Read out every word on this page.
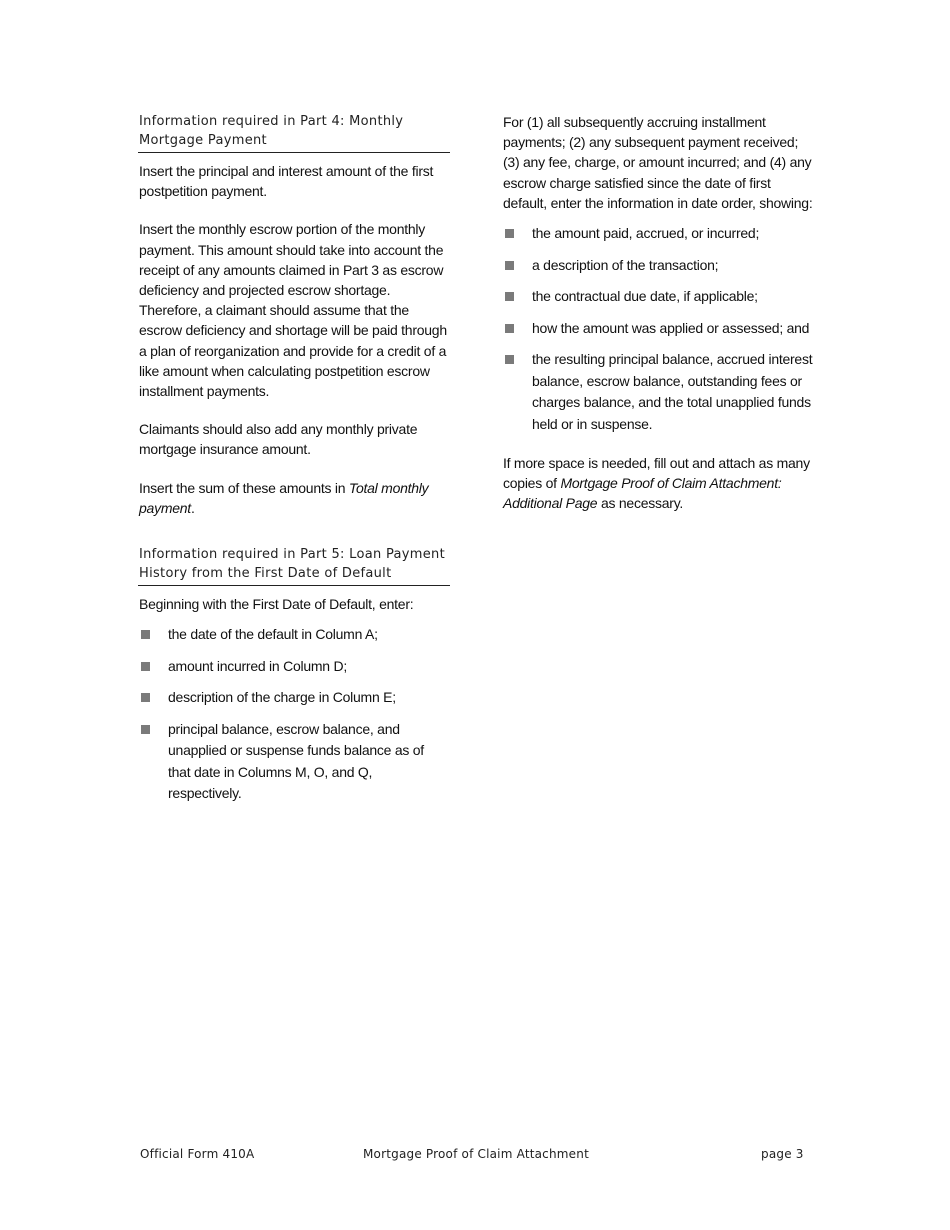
Information required in Part 4: Monthly Mortgage Payment

Insert the principal and interest amount of the first postpetition payment.

Insert the monthly escrow portion of the monthly payment. This amount should take into account the receipt of any amounts claimed in Part 3 as escrow deficiency and projected escrow shortage. Therefore, a claimant should assume that the escrow deficiency and shortage will be paid through a plan of reorganization and provide for a credit of a like amount when calculating postpetition escrow installment payments.

Claimants should also add any monthly private mortgage insurance amount.

Insert the sum of these amounts in Total monthly payment.

Information required in Part 5: Loan Payment History from the First Date of Default

Beginning with the First Date of Default, enter:

the date of the default in Column A;
amount incurred in Column D;
description of the charge in Column E;
principal balance, escrow balance, and unapplied or suspense funds balance as of that date in Columns M, O, and Q, respectively.

For (1) all subsequently accruing installment payments; (2) any subsequent payment received; (3) any fee, charge, or amount incurred; and (4) any escrow charge satisfied since the date of first default, enter the information in date order, showing:

the amount paid, accrued, or incurred;
a description of the transaction;
the contractual due date, if applicable;
how the amount was applied or assessed; and
the resulting principal balance, accrued interest balance, escrow balance, outstanding fees or charges balance, and the total unapplied funds held or in suspense.

If more space is needed, fill out and attach as many copies of Mortgage Proof of Claim Attachment: Additional Page as necessary.

Official Form 410A	Mortgage Proof of Claim Attachment	page 3
